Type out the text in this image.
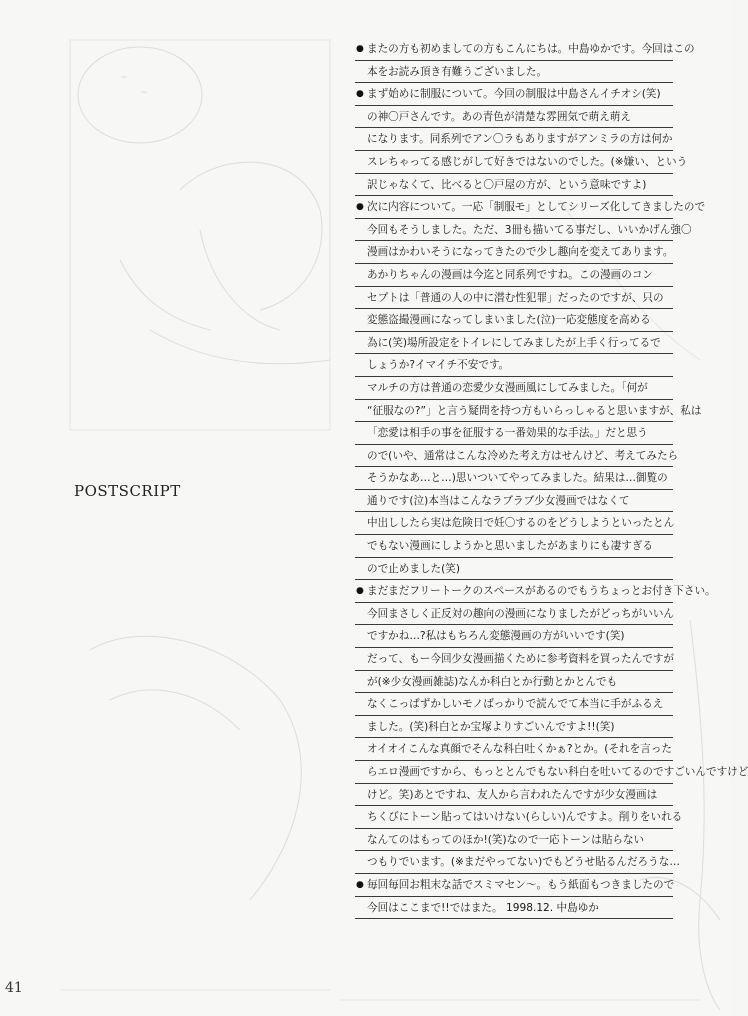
~
~
POSTSCRIPT
● またの方も初めましての方もこんにちは。中島ゆかです。今回はこの
本をお読み頂き有難うございました。
● まず始めに制服について。今回の制服は中島さんイチオシ(笑)
の神〇戸さんです。あの青色が清楚な雰囲気で萌え萌え
になります。同系列でアン〇ラもありますがアンミラの方は何か
スレちゃってる感じがして好きではないのでした。(※嫌い、という
訳じゃなくて、比べると〇戸屋の方が、という意味ですよ)
● 次に内容について。一応「制服モ」としてシリーズ化してきましたので
今回もそうしました。ただ、3冊も描いてる事だし、いいかげん強〇
漫画はかわいそうになってきたので少し趣向を変えてあります。
あかりちゃんの漫画は今迄と同系列ですね。この漫画のコン
セプトは「普通の人の中に潜む性犯罪」だったのですが、只の
変態盗撮漫画になってしまいました(泣)一応変態度を高める
為に(笑)場所設定をトイレにしてみましたが上手く行ってるで
しょうか?イマイチ不安です。
マルチの方は普通の恋愛少女漫画風にしてみました。「何が
“征服なの?”」と言う疑問を持つ方もいらっしゃると思いますが、私は
「恋愛は相手の事を征服する一番効果的な手法。」だと思う
ので(いや、通常はこんな冷めた考え方はせんけど、考えてみたら
そうかなあ…と…)思いついてやってみました。結果は…御覧の
通りです(泣)本当はこんなラブラブ少女漫画ではなくて
中出ししたら実は危険日で妊〇するのをどうしようといったとん
でもない漫画にしようかと思いましたがあまりにも凄すぎる
ので止めました(笑)
● まだまだフリートークのスペースがあるのでもうちょっとお付き下さい。
今回まさしく正反対の趣向の漫画になりましたがどっちがいいん
ですかね…?私はもちろん変態漫画の方がいいです(笑)
だって、もー今回少女漫画描くために参考資料を買ったんですが
が(※少女漫画雑誌)なんか科白とか行動とかとんでも
なくこっぱずかしいモノばっかりで読んでて本当に手がふるえ
ました。(笑)科白とか宝塚よりすごいんですよ!!(笑)
オイオイこんな真顔でそんな科白吐くかぁ?とか。(それを言った
らエロ漫画ですから、もっととんでもない科白を吐いてるのですごいんですけど
けど。笑)あとですね、友人から言われたんですが少女漫画は
ちくびにトーン貼ってはいけない(らしい)んですよ。削りをいれる
なんてのはもってのほか!(笑)なので一応トーンは貼らない
つもりでいます。(※まだやってない)でもどうせ貼るんだろうな…
● 毎回毎回お粗末な話でスミマセン〜。もう紙面もつきましたので
今回はここまで!!ではまた。 1998.12. 中島ゆか
41
